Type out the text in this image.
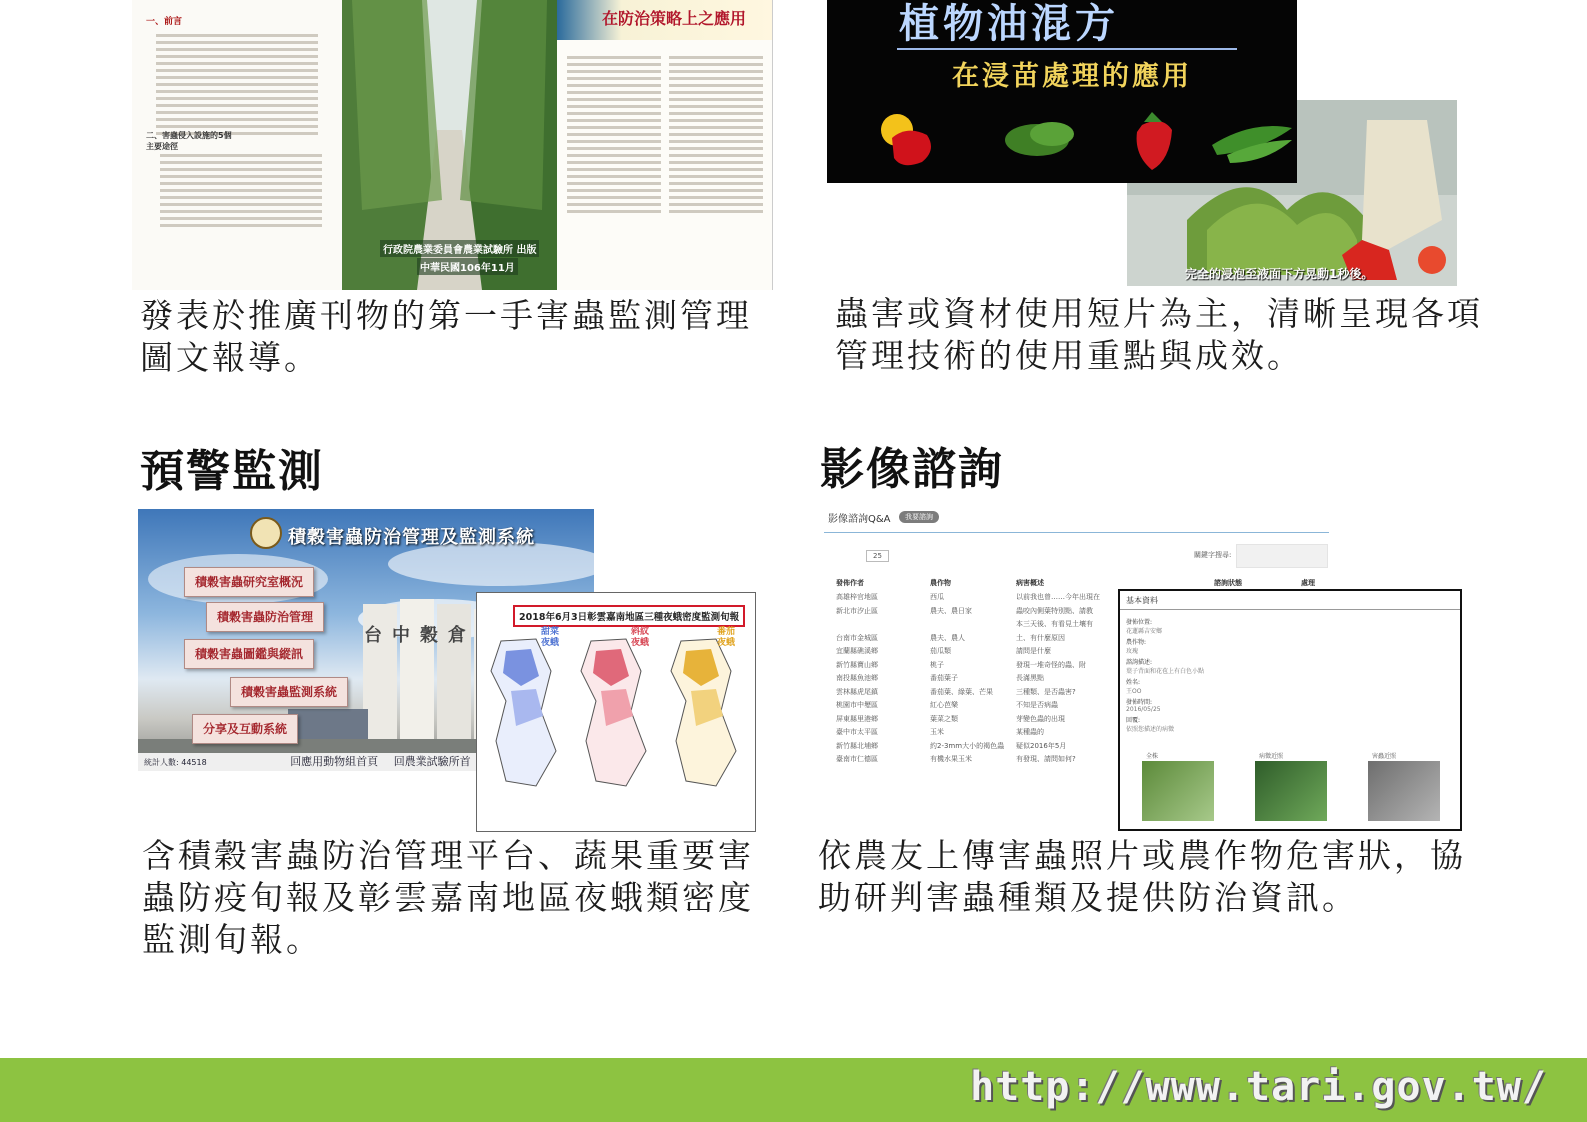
一、前言
二、害蟲侵入設施的5個主要途徑
行政院農業委員會農業試驗所 出版
中華民國106年11月
在防治策略上之應用
發表於推廣刊物的第一手害蟲監測管理圖文報導。
完全的浸泡至液面下方晃動1秒後。
植物油混方
在浸苗處理的應用
蟲害或資材使用短片為主，清晰呈現各項管理技術的使用重點與成效。
預警監測	影像諮詢
積穀害蟲防治管理及監測系統
積穀害蟲研究室概況
積穀害蟲防治管理
積穀害蟲圖鑑與縱訊
積穀害蟲監測系統
分享及互動系統
台中穀倉
統計人數: 44518	回應用動物組首頁 回農業試驗所首
2018年6月3日彰雲嘉南地區三種夜蛾密度監測旬報
甜菜夜蛾
斜紋夜蛾
番茄夜蛾
含積穀害蟲防治管理平台、蔬果重要害蟲防疫旬報及彰雲嘉南地區夜蛾類密度監測旬報。
影像諮詢Q&A	我要諮詢
25	關鍵字搜尋:
發佈作者	農作物	病害概述	諮詢狀態	處理
高雄梓官地區	西瓜	以前我也曾……今年出現在
新北市汐止區	農夫、農日家	蟲咬內側葉特別點、請教
本三天後、有看見土壤有
台南市金城區	農夫、農人	土、有什麼原因
宜蘭縣礁溪鄉	茄瓜類	請問是什麼
新竹縣寶山鄉	桃子	發現一堆奇怪的蟲、附
南投縣魚池鄉	番茄葉子	長滿黑點
雲林縣虎尾鎮	番茄葉、綠葉、芒果	三種類、是否蟲害?
桃園市中壢區	紅心芭樂	不知是否病蟲
屏東縣里港鄉	葉菜之類	芽變色蟲的出現
臺中市太平區	玉米	某種蟲的
新竹縣北埔鄉	約2-3mm大小的褐色蟲 疑似2016年5月
臺南市仁德區	有機水果玉米	有發現、請問如何?
基本資料
發佈位置:
花蓮縣吉安鄉
農作物:
玫瑰
諮詢描述:
葉子背面和花苞上有白色小點
姓名:
王OO
發佈時間:
2016/05/25
回覆:
依照您描述的病徵
全株	病徵近照	害蟲近照
依農友上傳害蟲照片或農作物危害狀，協助研判害蟲種類及提供防治資訊。
http://www.tari.gov.tw/
